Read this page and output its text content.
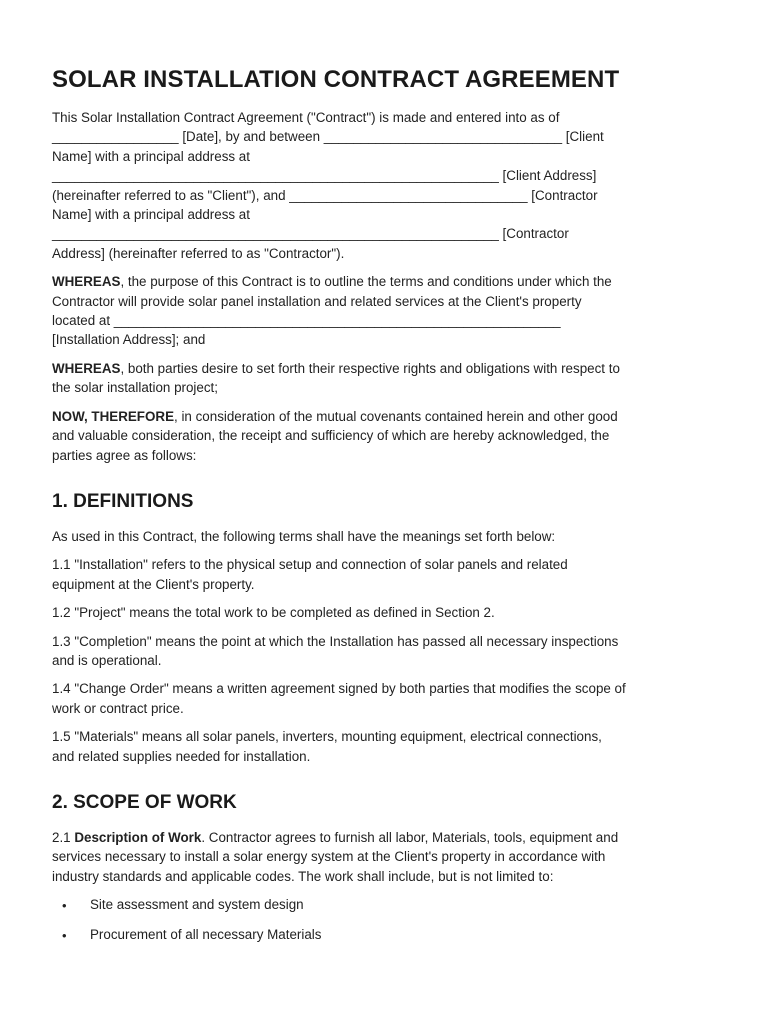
SOLAR INSTALLATION CONTRACT AGREEMENT

This Solar Installation Contract Agreement ("Contract") is made and entered into as of
_________________ [Date], by and between ________________________________ [Client
Name] with a principal address at
____________________________________________________________ [Client Address]
(hereinafter referred to as "Client"), and ________________________________ [Contractor
Name] with a principal address at
____________________________________________________________ [Contractor
Address] (hereinafter referred to as "Contractor").

WHEREAS, the purpose of this Contract is to outline the terms and conditions under which the
Contractor will provide solar panel installation and related services at the Client's property
located at ____________________________________________________________
[Installation Address]; and

WHEREAS, both parties desire to set forth their respective rights and obligations with respect to
the solar installation project;

NOW, THEREFORE, in consideration of the mutual covenants contained herein and other good
and valuable consideration, the receipt and sufficiency of which are hereby acknowledged, the
parties agree as follows:

1. DEFINITIONS

As used in this Contract, the following terms shall have the meanings set forth below:

1.1 "Installation" refers to the physical setup and connection of solar panels and related
equipment at the Client's property.

1.2 "Project" means the total work to be completed as defined in Section 2.

1.3 "Completion" means the point at which the Installation has passed all necessary inspections
and is operational.

1.4 "Change Order" means a written agreement signed by both parties that modifies the scope of
work or contract price.

1.5 "Materials" means all solar panels, inverters, mounting equipment, electrical connections,
and related supplies needed for installation.

2. SCOPE OF WORK

2.1 Description of Work. Contractor agrees to furnish all labor, Materials, tools, equipment and
services necessary to install a solar energy system at the Client's property in accordance with
industry standards and applicable codes. The work shall include, but is not limited to:

• Site assessment and system design
• Procurement of all necessary Materials
